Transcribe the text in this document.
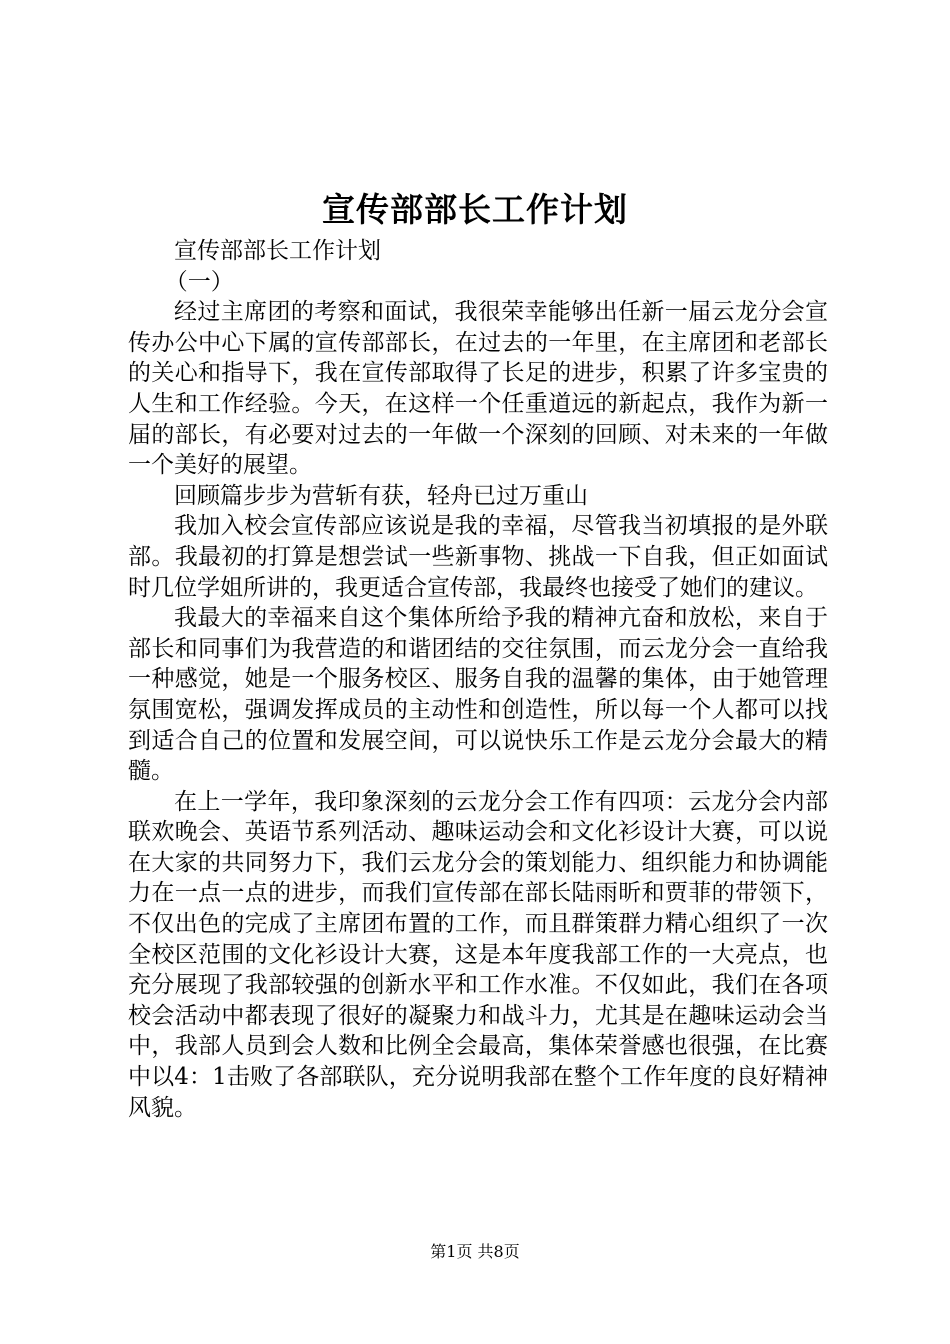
宣传部部长工作计划

宣传部部长工作计划

（一）

经过主席团的考察和面试，我很荣幸能够出任新一届云龙分会宣传办公中心下属的宣传部部长，在过去的一年里，在主席团和老部长的关心和指导下，我在宣传部取得了长足的进步，积累了许多宝贵的人生和工作经验。今天，在这样一个任重道远的新起点，我作为新一届的部长，有必要对过去的一年做一个深刻的回顾、对未来的一年做一个美好的展望。

回顾篇步步为营斩有获，轻舟已过万重山

我加入校会宣传部应该说是我的幸福，尽管我当初填报的是外联部。我最初的打算是想尝试一些新事物、挑战一下自我，但正如面试时几位学姐所讲的，我更适合宣传部，我最终也接受了她们的建议。

我最大的幸福来自这个集体所给予我的精神亢奋和放松，来自于部长和同事们为我营造的和谐团结的交往氛围，而云龙分会一直给我一种感觉，她是一个服务校区、服务自我的温馨的集体，由于她管理氛围宽松，强调发挥成员的主动性和创造性，所以每一个人都可以找到适合自己的位置和发展空间，可以说快乐工作是云龙分会最大的精髓。

在上一学年，我印象深刻的云龙分会工作有四项：云龙分会内部联欢晚会、英语节系列活动、趣味运动会和文化衫设计大赛，可以说在大家的共同努力下，我们云龙分会的策划能力、组织能力和协调能力在一点一点的进步，而我们宣传部在部长陆雨昕和贾菲的带领下，不仅出色的完成了主席团布置的工作，而且群策群力精心组织了一次全校区范围的文化衫设计大赛，这是本年度我部工作的一大亮点，也充分展现了我部较强的创新水平和工作水准。不仅如此，我们在各项校会活动中都表现了很好的凝聚力和战斗力，尤其是在趣味运动会当中，我部人员到会人数和比例全会最高，集体荣誉感也很强，在比赛中以4：1击败了各部联队，充分说明我部在整个工作年度的良好精神风貌。

第1页 共8页
